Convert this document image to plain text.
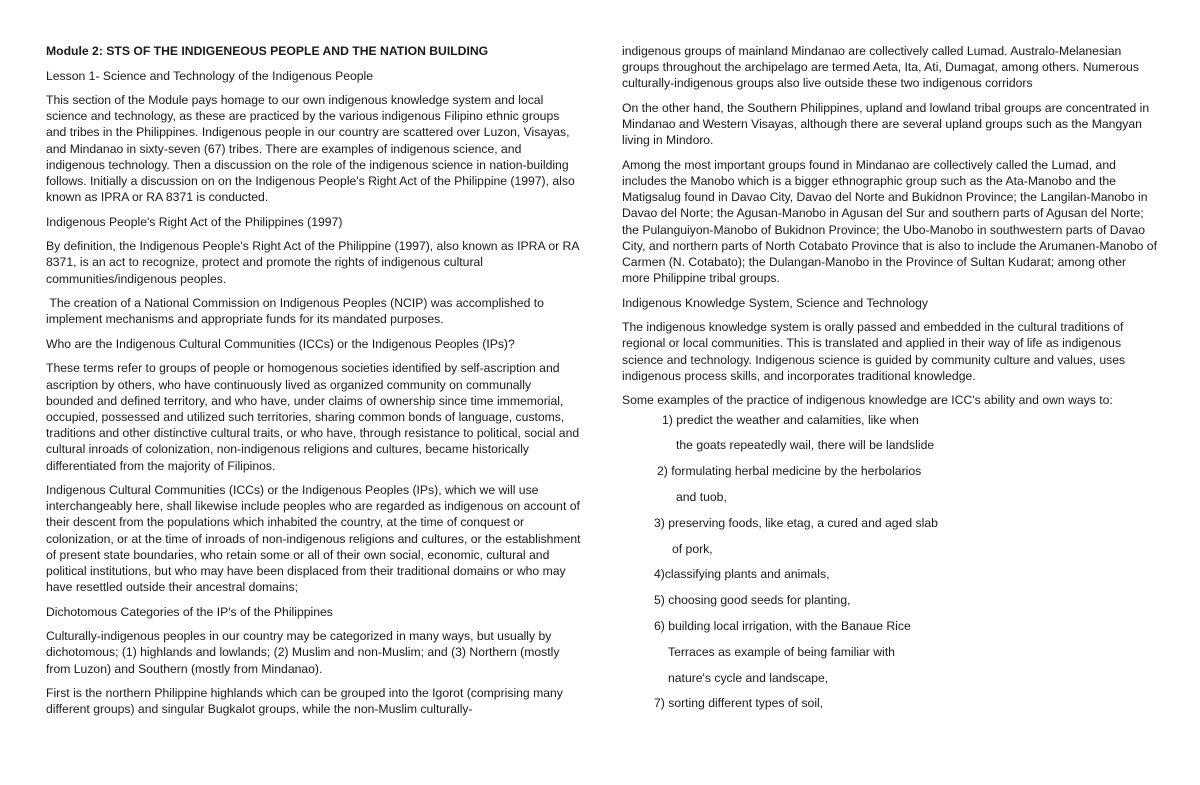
Module 2: STS OF THE INDIGENEOUS PEOPLE AND THE NATION BUILDING

Lesson 1- Science and Technology of the Indigenous People

This section of the Module pays homage to our own indigenous knowledge system and local science and technology, as these are practiced by the various indigenous Filipino ethnic groups and tribes in the Philippines. Indigenous people in our country are scattered over Luzon, Visayas, and Mindanao in sixty-seven (67) tribes. There are examples of indigenous science, and indigenous technology. Then a discussion on the role of the indigenous science in nation-building follows. Initially a discussion on on the Indigenous People's Right Act of the Philippine (1997), also known as IPRA or RA 8371 is conducted.

Indigenous People's Right Act of the Philippines (1997)

By definition, the Indigenous People's Right Act of the Philippine (1997), also known as IPRA or RA 8371, is an act to recognize, protect and promote the rights of indigenous cultural communities/indigenous peoples.

The creation of a National Commission on Indigenous Peoples (NCIP) was accomplished to implement mechanisms and appropriate funds for its mandated purposes.

Who are the Indigenous Cultural Communities (ICCs) or the Indigenous Peoples (IPs)?

These terms refer to groups of people or homogenous societies identified by self-ascription and ascription by others, who have continuously lived as organized community on communally bounded and defined territory, and who have, under claims of ownership since time immemorial, occupied, possessed and utilized such territories, sharing common bonds of language, customs, traditions and other distinctive cultural traits, or who have, through resistance to political, social and cultural inroads of colonization, non-indigenous religions and cultures, became historically differentiated from the majority of Filipinos.

Indigenous Cultural Communities (ICCs) or the Indigenous Peoples (IPs), which we will use interchangeably here, shall likewise include peoples who are regarded as indigenous on account of their descent from the populations which inhabited the country, at the time of conquest or colonization, or at the time of inroads of non-indigenous religions and cultures, or the establishment of present state boundaries, who retain some or all of their own social, economic, cultural and political institutions, but who may have been displaced from their traditional domains or who may have resettled outside their ancestral domains;

Dichotomous Categories of the IP's of the Philippines

Culturally-indigenous peoples in our country may be categorized in many ways, but usually by dichotomous; (1) highlands and lowlands; (2) Muslim and non-Muslim; and (3) Northern (mostly from Luzon) and Southern (mostly from Mindanao).

First is the northern Philippine highlands which can be grouped into the Igorot (comprising many different groups) and singular Bugkalot groups, while the non-Muslim culturally-

indigenous groups of mainland Mindanao are collectively called Lumad. Australo-Melanesian groups throughout the archipelago are termed Aeta, Ita, Ati, Dumagat, among others. Numerous culturally-indigenous groups also live outside these two indigenous corridors

On the other hand, the Southern Philippines, upland and lowland tribal groups are concentrated in Mindanao and Western Visayas, although there are several upland groups such as the Mangyan living in Mindoro.

Among the most important groups found in Mindanao are collectively called the Lumad, and includes the Manobo which is a bigger ethnographic group such as the Ata-Manobo and the Matigsalug found in Davao City, Davao del Norte and Bukidnon Province; the Langilan-Manobo in Davao del Norte; the Agusan-Manobo in Agusan del Sur and southern parts of Agusan del Norte; the Pulanguiyon-Manobo of Bukidnon Province; the Ubo-Manobo in southwestern parts of Davao City, and northern parts of North Cotabato Province that is also to include the Arumanen-Manobo of Carmen (N. Cotabato); the Dulangan-Manobo in the Province of Sultan Kudarat; among other more Philippine tribal groups.

Indigenous Knowledge System, Science and Technology

The indigenous knowledge system is orally passed and embedded in the cultural traditions of regional or local communities. This is translated and applied in their way of life as indigenous science and technology. Indigenous science is guided by community culture and values, uses indigenous process skills, and incorporates traditional knowledge.

Some examples of the practice of indigenous knowledge are ICC's ability and own ways to:

1) predict the weather and calamities, like when
the goats repeatedly wail, there will be landslide
2) formulating herbal medicine by the herbolarios
and tuob,
3) preserving foods, like etag, a cured and aged slab
of pork,
4)classifying plants and animals,
5) choosing good seeds for planting,
6) building local irrigation, with the Banaue Rice
Terraces as example of being familiar with
nature's cycle and landscape,
7) sorting different types of soil,
